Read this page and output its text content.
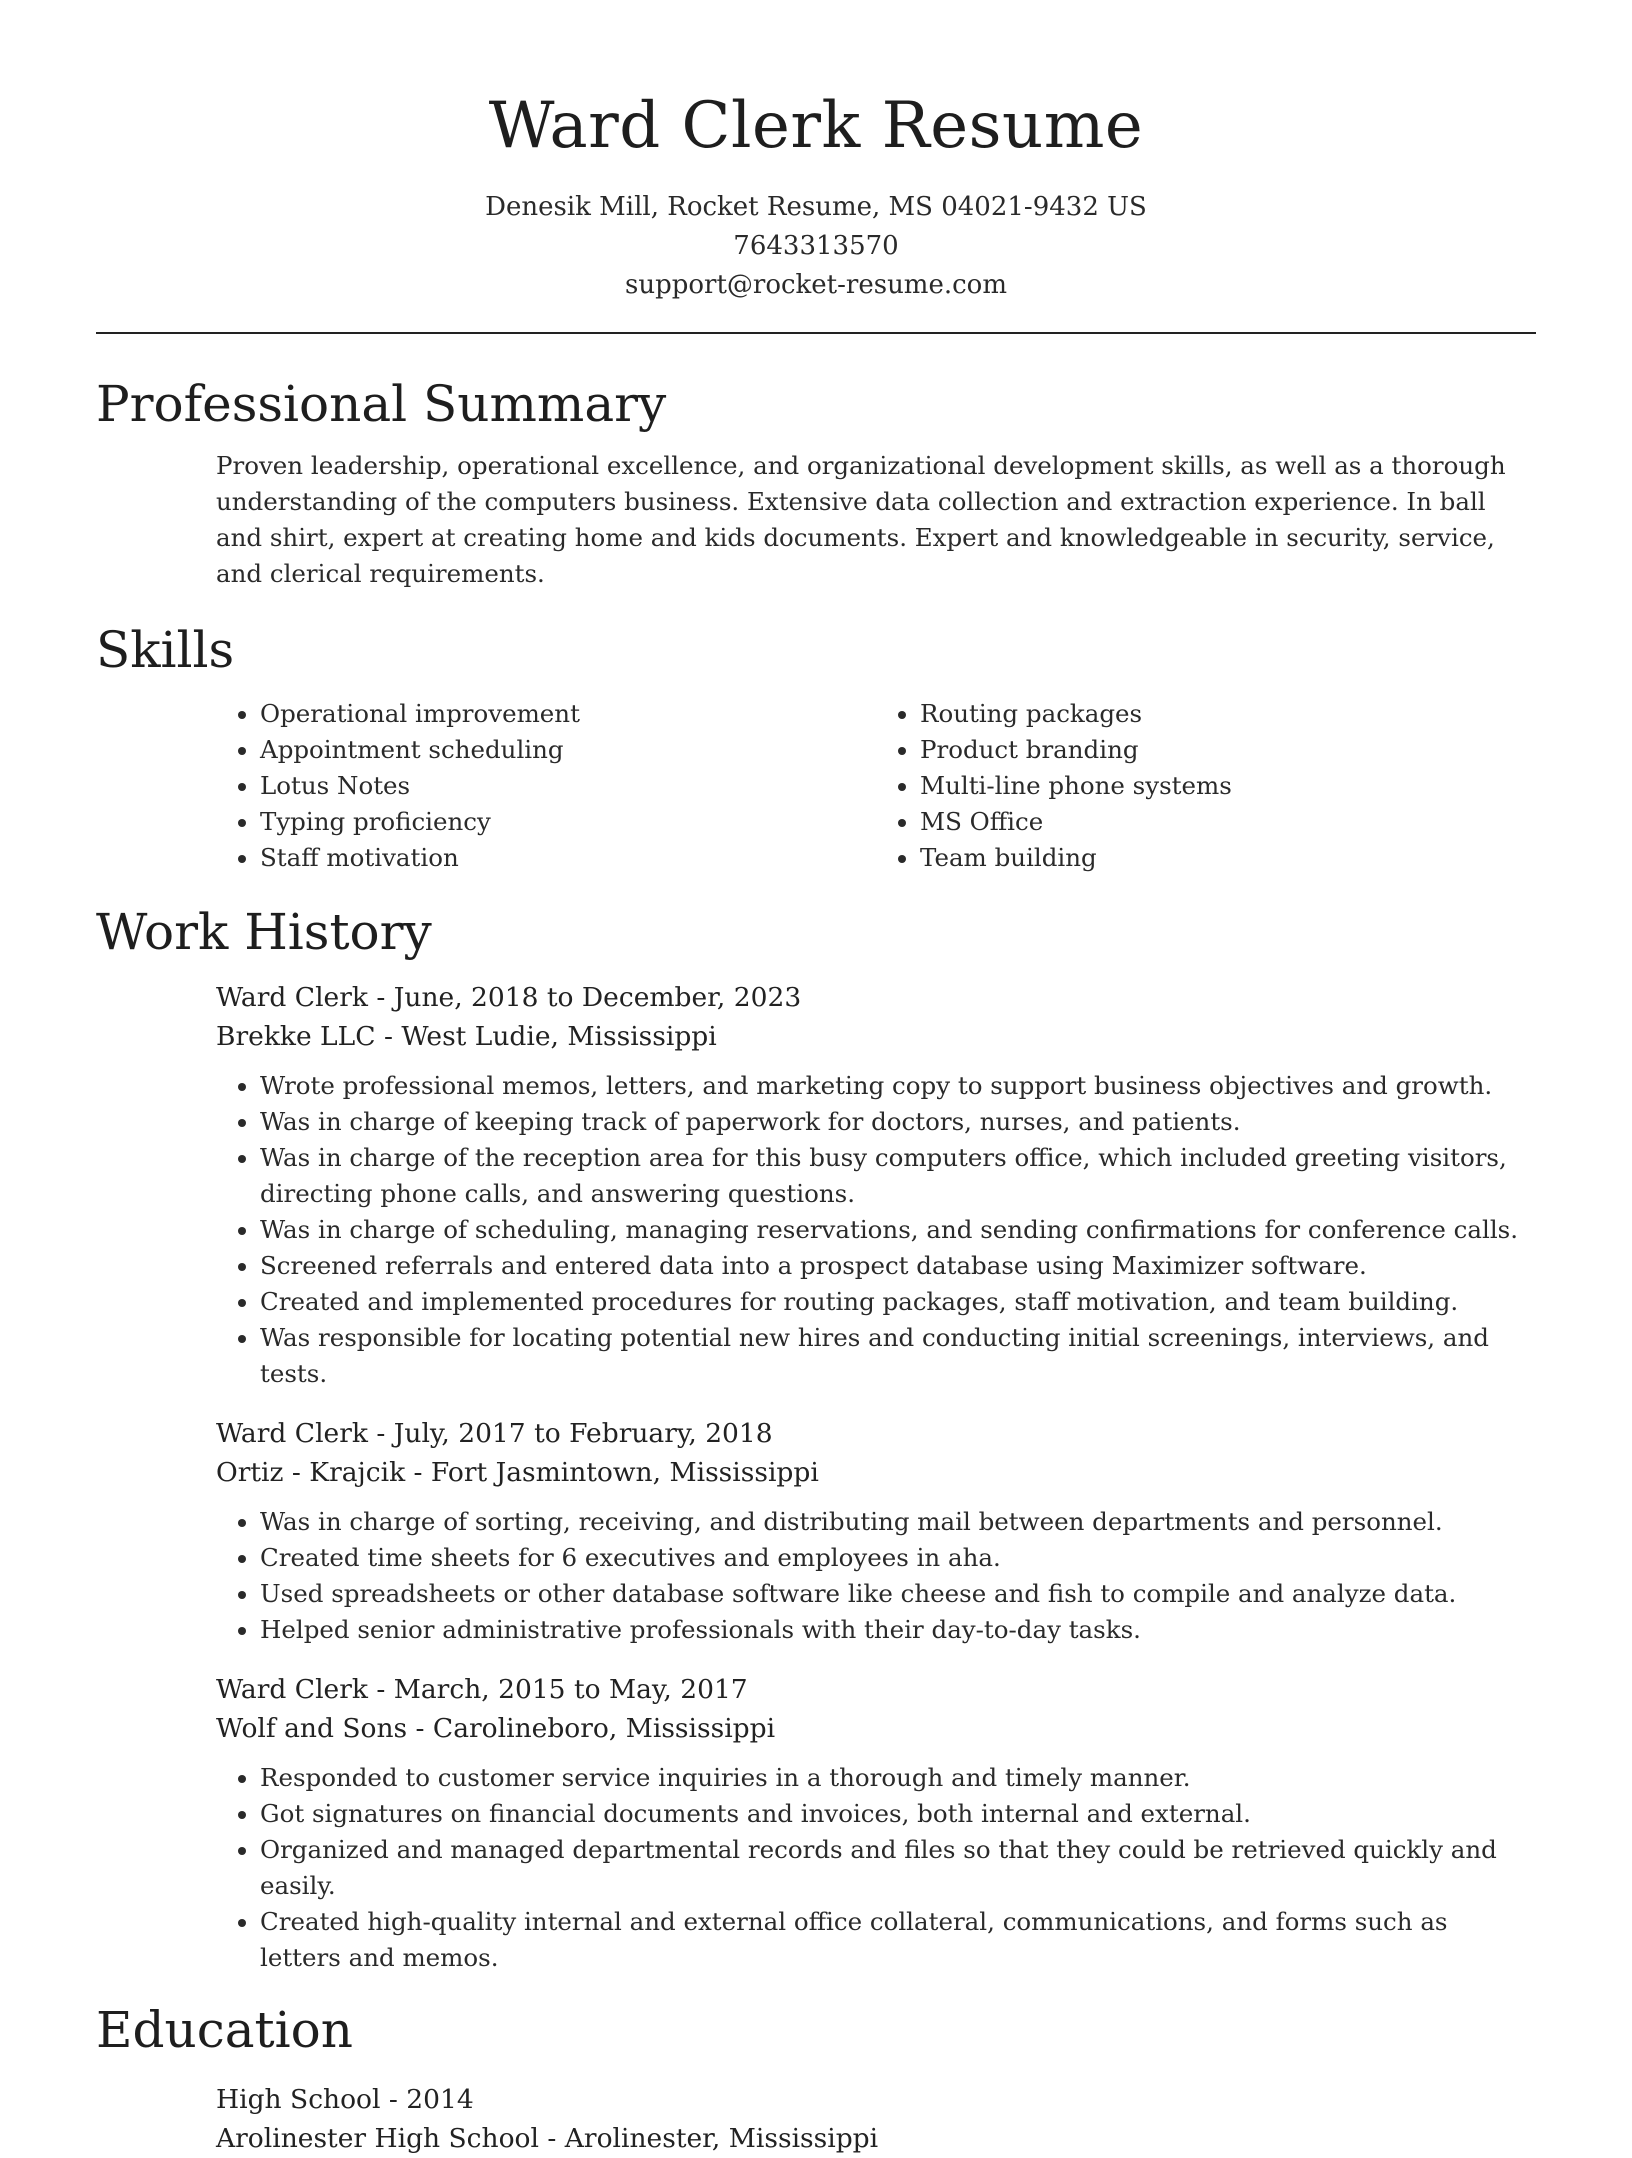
Ward Clerk Resume
Denesik Mill, Rocket Resume, MS 04021-9432 US
7643313570
support@rocket-resume.com
Professional Summary
Proven leadership, operational excellence, and organizational development skills, as well as a thorough understanding of the computers business. Extensive data collection and extraction experience. In ball and shirt, expert at creating home and kids documents. Expert and knowledgeable in security, service, and clerical requirements.
Skills
• Operational improvement
• Appointment scheduling
• Lotus Notes
• Typing proficiency
• Staff motivation
• Routing packages
• Product branding
• Multi-line phone systems
• MS Office
• Team building
Work History
Ward Clerk - June, 2018 to December, 2023
Brekke LLC - West Ludie, Mississippi
• Wrote professional memos, letters, and marketing copy to support business objectives and growth.
• Was in charge of keeping track of paperwork for doctors, nurses, and patients.
• Was in charge of the reception area for this busy computers office, which included greeting visitors, directing phone calls, and answering questions.
• Was in charge of scheduling, managing reservations, and sending confirmations for conference calls.
• Screened referrals and entered data into a prospect database using Maximizer software.
• Created and implemented procedures for routing packages, staff motivation, and team building.
• Was responsible for locating potential new hires and conducting initial screenings, interviews, and tests.
Ward Clerk - July, 2017 to February, 2018
Ortiz - Krajcik - Fort Jasmintown, Mississippi
• Was in charge of sorting, receiving, and distributing mail between departments and personnel.
• Created time sheets for 6 executives and employees in aha.
• Used spreadsheets or other database software like cheese and fish to compile and analyze data.
• Helped senior administrative professionals with their day-to-day tasks.
Ward Clerk - March, 2015 to May, 2017
Wolf and Sons - Carolineboro, Mississippi
• Responded to customer service inquiries in a thorough and timely manner.
• Got signatures on financial documents and invoices, both internal and external.
• Organized and managed departmental records and files so that they could be retrieved quickly and easily.
• Created high-quality internal and external office collateral, communications, and forms such as letters and memos.
Education
High School - 2014
Arolinester High School - Arolinester, Mississippi
